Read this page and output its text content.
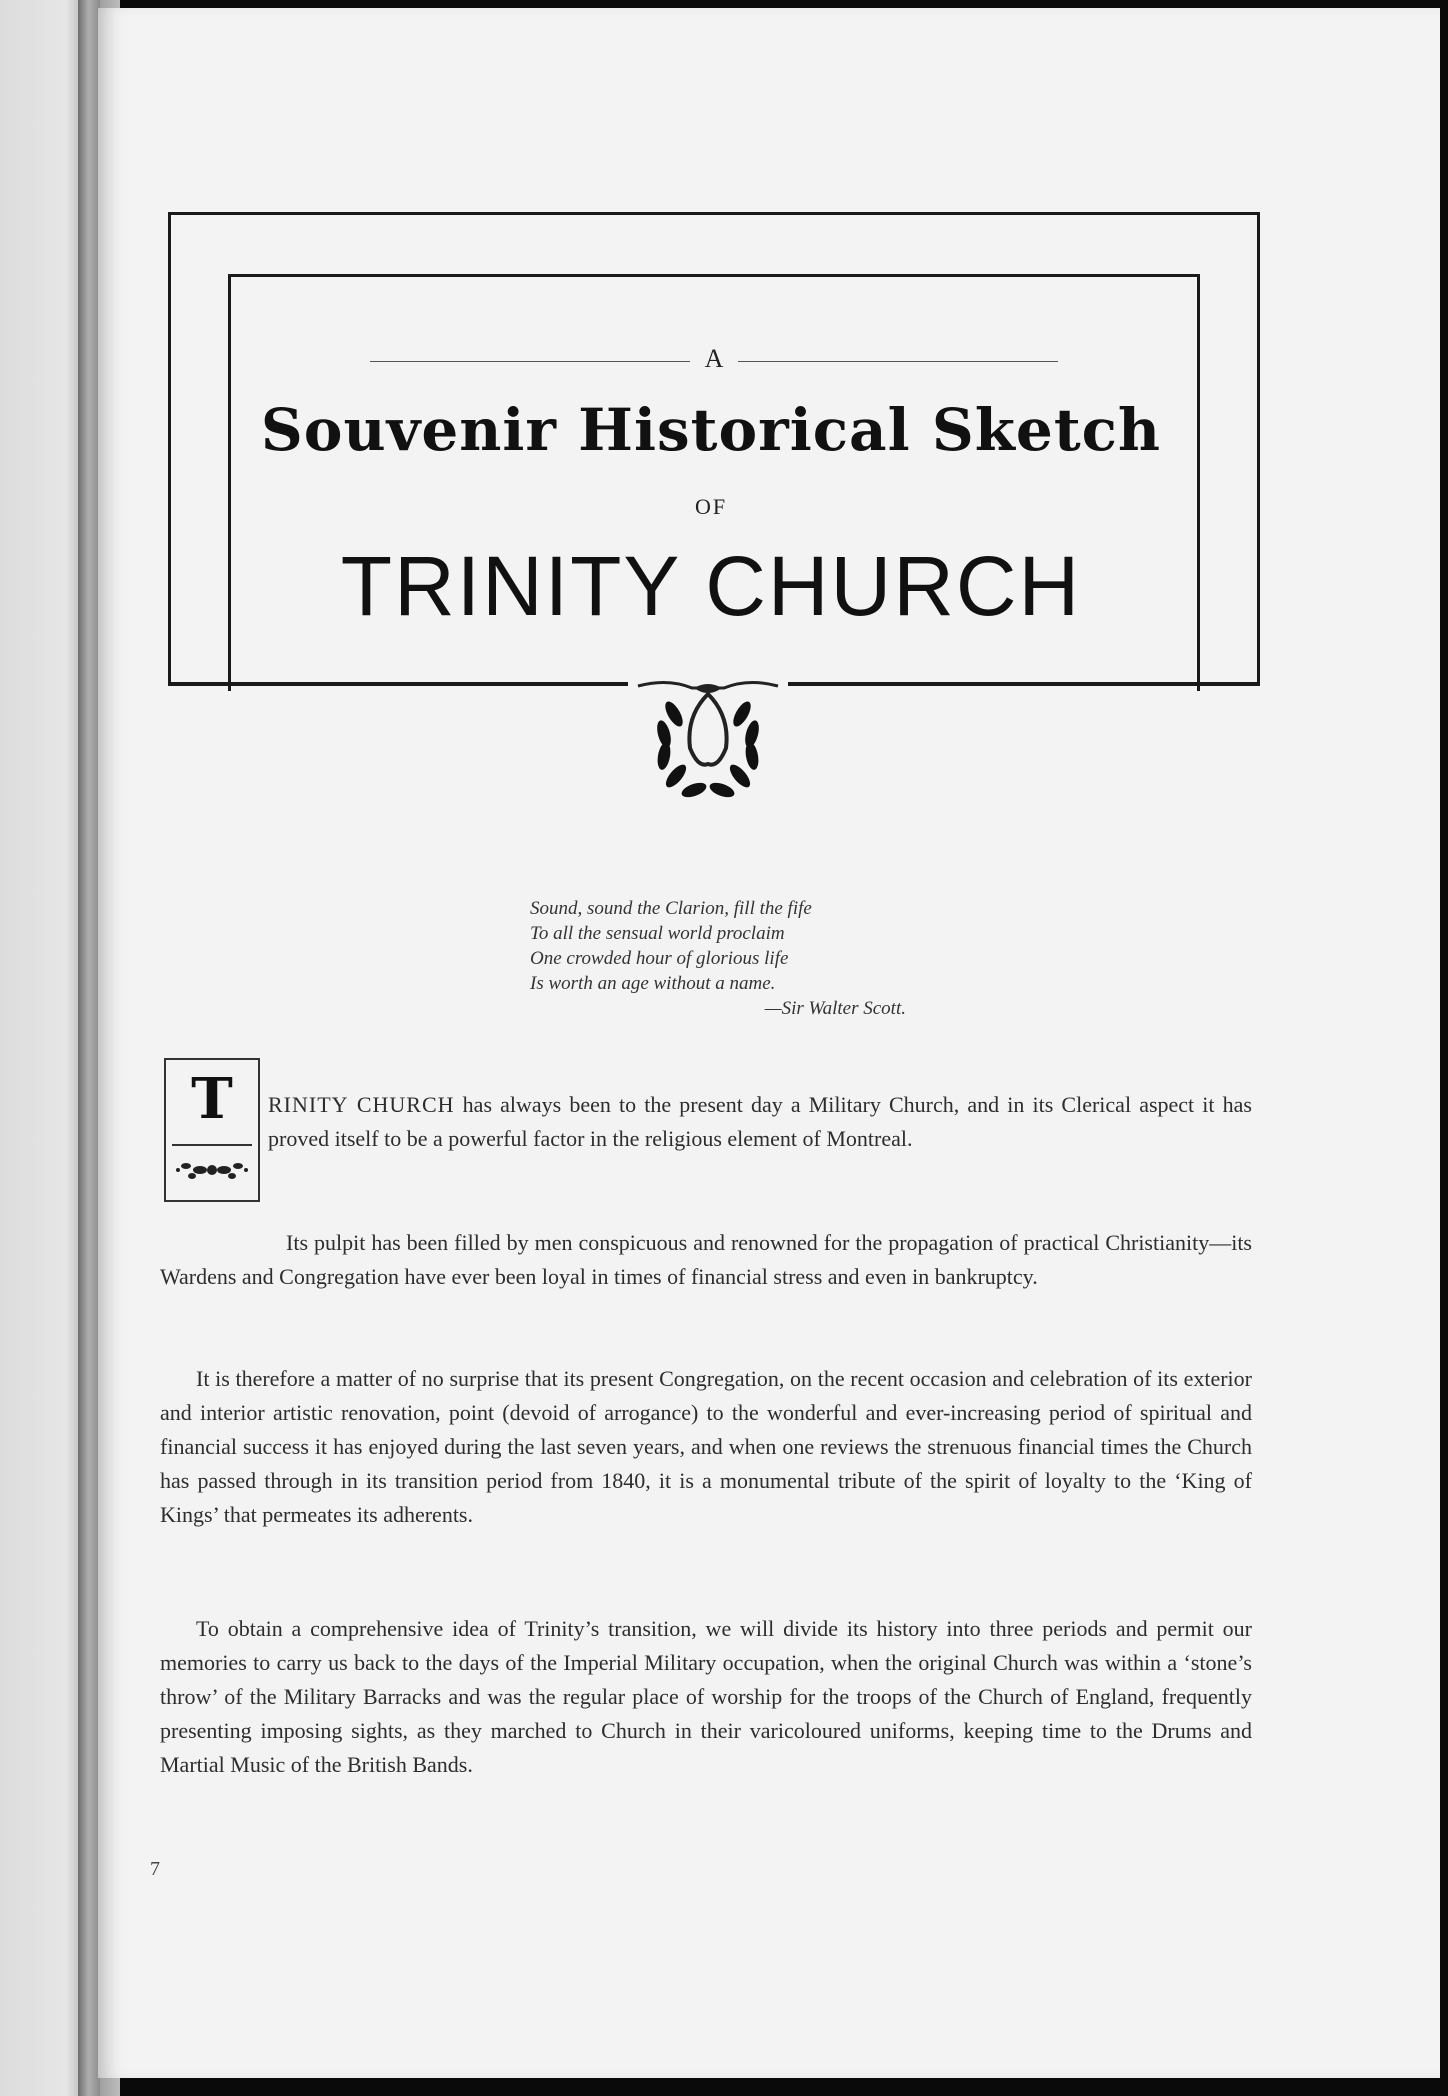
A
Souvenir Historical Sketch
OF
TRINITY CHURCH
Sound, sound the Clarion, fill the fife
To all the sensual world proclaim
One crowded hour of glorious life
Is worth an age without a name.
—Sir Walter Scott.
T	RINITY CHURCH has always been to the present day a Military Church, and in its Clerical aspect it has proved itself to be a powerful factor in the religious element of Montreal.

Its pulpit has been filled by men conspicuous and renowned for the propagation of practical Christianity—its Wardens and Congregation have ever been loyal in times of financial stress and even in bankruptcy.

It is therefore a matter of no surprise that its present Congregation, on the recent occasion and celebration of its exterior and interior artistic renovation, point (devoid of arrogance) to the wonderful and ever-increasing period of spiritual and financial success it has enjoyed during the last seven years, and when one reviews the strenuous financial times the Church has passed through in its transition period from 1840, it is a monumental tribute of the spirit of loyalty to the ‘King of Kings’ that permeates its adherents.

To obtain a comprehensive idea of Trinity’s transition, we will divide its history into three periods and permit our memories to carry us back to the days of the Imperial Military occupation, when the original Church was within a ‘stone’s throw’ of the Military Barracks and was the regular place of worship for the troops of the Church of England, frequently presenting imposing sights, as they marched to Church in their varicoloured uniforms, keeping time to the Drums and Martial Music of the British Bands.

7
